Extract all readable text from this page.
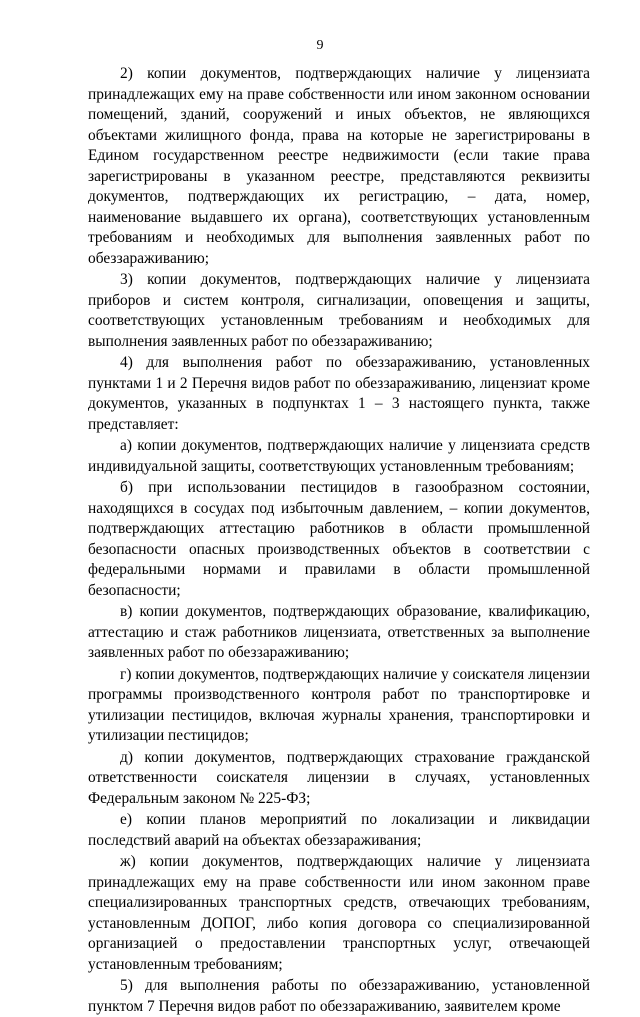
9

2) копии документов, подтверждающих наличие у лицензиата принадлежащих ему на праве собственности или ином законном основании помещений, зданий, сооружений и иных объектов, не являющихся объектами жилищного фонда, права на которые не зарегистрированы в Едином государственном реестре недвижимости (если такие права зарегистрированы в указанном реестре, представляются реквизиты документов, подтверждающих их регистрацию, – дата, номер, наименование выдавшего их органа), соответствующих установленным требованиям и необходимых для выполнения заявленных работ по обеззараживанию;

3) копии документов, подтверждающих наличие у лицензиата приборов и систем контроля, сигнализации, оповещения и защиты, соответствующих установленным требованиям и необходимых для выполнения заявленных работ по обеззараживанию;

4) для выполнения работ по обеззараживанию, установленных пунктами 1 и 2 Перечня видов работ по обеззараживанию, лицензиат кроме документов, указанных в подпунктах 1 – 3 настоящего пункта, также представляет:

а) копии документов, подтверждающих наличие у лицензиата средств индивидуальной защиты, соответствующих установленным требованиям;

б) при использовании пестицидов в газообразном состоянии, находящихся в сосудах под избыточным давлением, – копии документов, подтверждающих аттестацию работников в области промышленной безопасности опасных производственных объектов в соответствии с федеральными нормами и правилами в области промышленной безопасности;

в) копии документов, подтверждающих образование, квалификацию, аттестацию и стаж работников лицензиата, ответственных за выполнение заявленных работ по обеззараживанию;

г) копии документов, подтверждающих наличие у соискателя лицензии программы производственного контроля работ по транспортировке и утилизации пестицидов, включая журналы хранения, транспортировки и утилизации пестицидов;

д) копии документов, подтверждающих страхование гражданской ответственности соискателя лицензии в случаях, установленных Федеральным законом № 225-ФЗ;

е) копии планов мероприятий по локализации и ликвидации последствий аварий на объектах обеззараживания;

ж) копии документов, подтверждающих наличие у лицензиата принадлежащих ему на праве собственности или ином законном праве специализированных транспортных средств, отвечающих требованиям, установленным ДОПОГ, либо копия договора со специализированной организацией о предоставлении транспортных услуг, отвечающей установленным требованиям;

5) для выполнения работы по обеззараживанию, установленной пунктом 7 Перечня видов работ по обеззараживанию, заявителем кроме
